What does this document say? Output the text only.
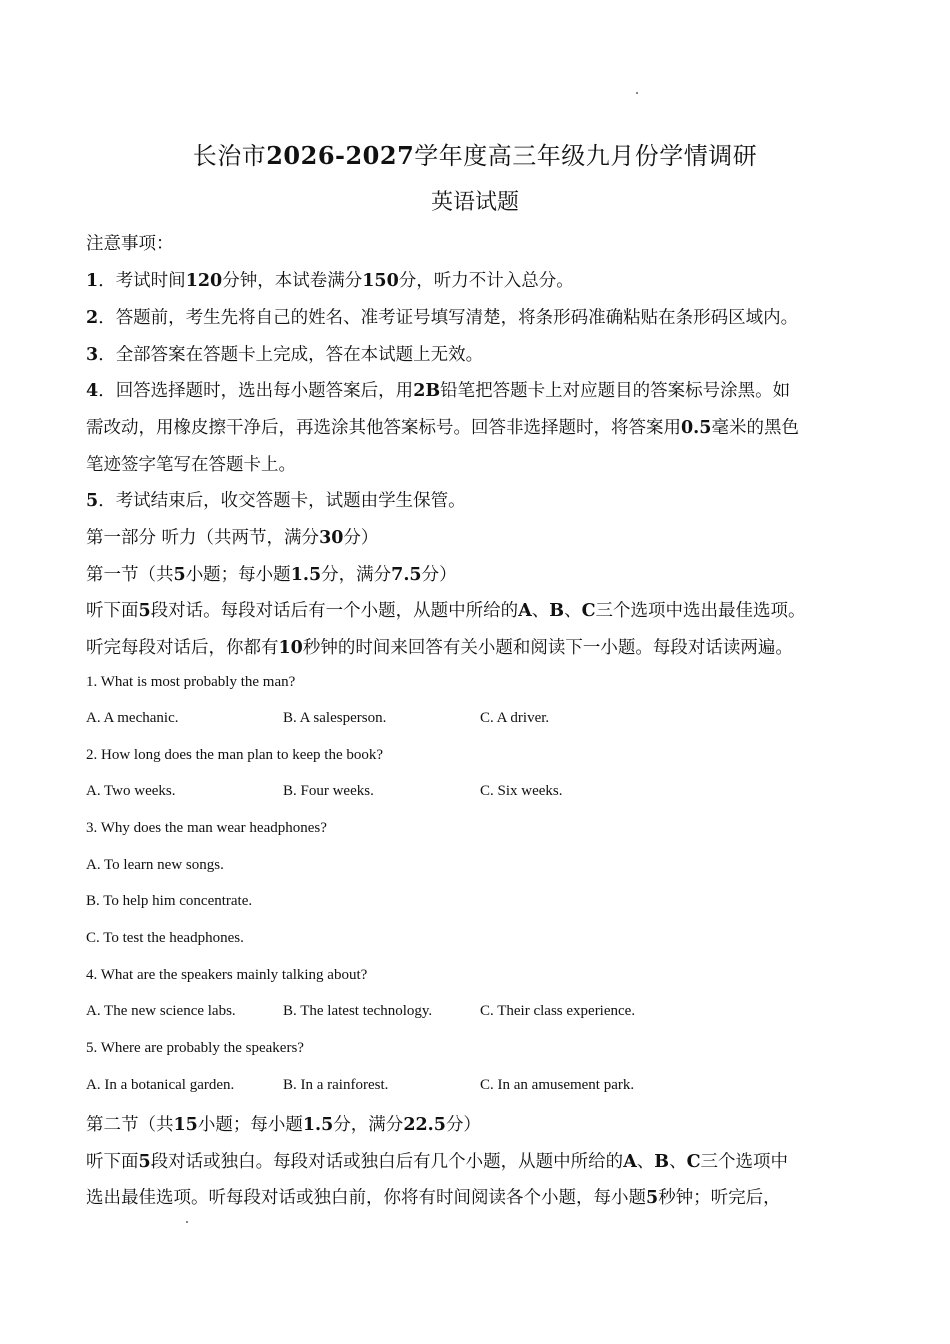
长治市2026-2027学年度高三年级九月份学情调研
英语试题
注意事项：
1．考试时间120分钟，本试卷满分150分，听力不计入总分。
2．答题前，考生先将自己的姓名、准考证号填写清楚，将条形码准确粘贴在条形码区域内。
3．全部答案在答题卡上完成，答在本试题上无效。
4．回答选择题时，选出每小题答案后，用2B铅笔把答题卡上对应题目的答案标号涂黑。如
需改动，用橡皮擦干净后，再选涂其他答案标号。回答非选择题时，将答案用0.5毫米的黑色
笔迹签字笔写在答题卡上。
5．考试结束后，收交答题卡，试题由学生保管。
第一部分 听力（共两节，满分30分）
第一节（共5小题；每小题1.5分，满分7.5分）
听下面5段对话。每段对话后有一个小题，从题中所给的A、B、C三个选项中选出最佳选项。
听完每段对话后，你都有10秒钟的时间来回答有关小题和阅读下一小题。每段对话读两遍。
1. What is most probably the man?
A. A mechanic.	B. A salesperson.	C. A driver.
2. How long does the man plan to keep the book?
A. Two weeks.	B. Four weeks.	C. Six weeks.
3. Why does the man wear headphones?
A. To learn new songs.
B. To help him concentrate.
C. To test the headphones.
4. What are the speakers mainly talking about?
A. The new science labs.	B. The latest technology.	C. Their class experience.
5. Where are probably the speakers?
A. In a botanical garden.	B. In a rainforest.	C. In an amusement park.
第二节（共15小题；每小题1.5分，满分22.5分）
听下面5段对话或独白。每段对话或独白后有几个小题，从题中所给的A、B、C三个选项中
选出最佳选项。听每段对话或独白前，你将有时间阅读各个小题，每小题5秒钟；听完后，
